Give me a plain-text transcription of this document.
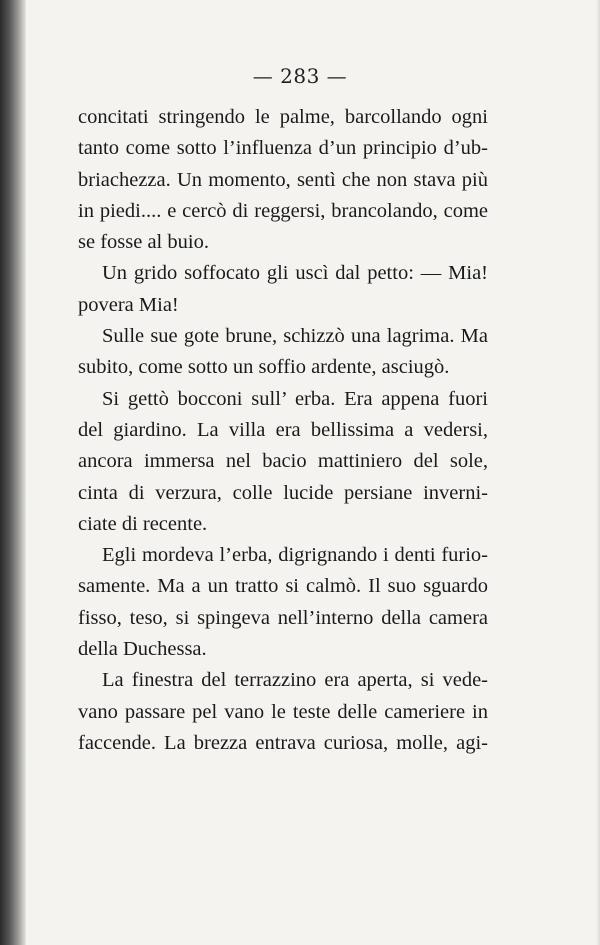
— 283 —
concitati stringendo le palme, barcollando ogni
tanto come sotto l’influenza d’un principio d’ub-
briachezza. Un momento, sentì che non stava più
in piedi.... e cercò di reggersi, brancolando, come
se fosse al buio.
Un grido soffocato gli uscì dal petto: — Mia!
povera Mia!
Sulle sue gote brune, schizzò una lagrima. Ma
subito, come sotto un soffio ardente, asciugò.
Si gettò bocconi sull’ erba. Era appena fuori
del giardino. La villa era bellissima a vedersi,
ancora immersa nel bacio mattiniero del sole,
cinta di verzura, colle lucide persiane inverni-
ciate di recente.
Egli mordeva l’erba, digrignando i denti furio-
samente. Ma a un tratto si calmò. Il suo sguardo
fisso, teso, si spingeva nell’interno della camera
della Duchessa.
La finestra del terrazzino era aperta, si vede-
vano passare pel vano le teste delle cameriere in
faccende. La brezza entrava curiosa, molle, agi-
